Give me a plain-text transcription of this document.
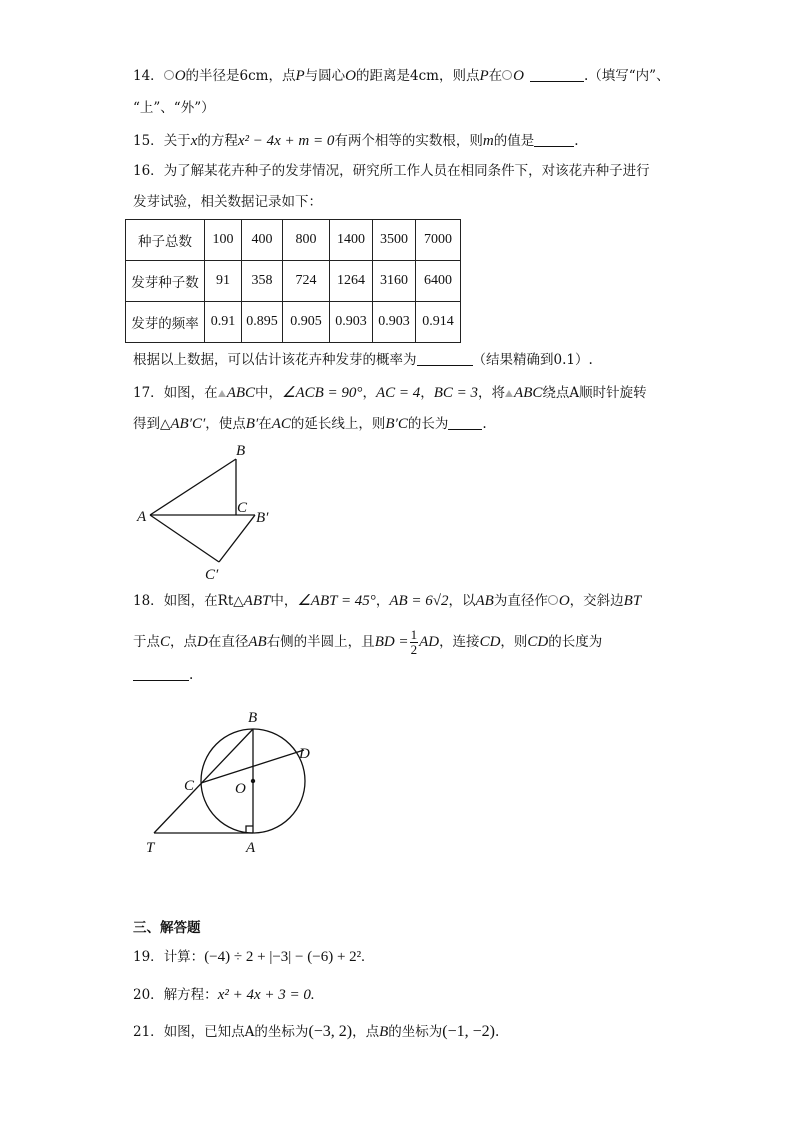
14． O的半径是6cm，点P与圆心O的距离是4cm，则点P在 O	.（填写“内”、
“上”、“外”）
15．关于x的方程x² − 4x + m = 0有两个相等的实数根，则m的值是	.
16．为了解某花卉种子的发芽情况，研究所工作人员在相同条件下，对该花卉种子进行
发芽试验，相关数据记录如下：
种子总数	100	400	800	1400	3500	7000
发芽种子数	91	358	724	1264	3160	6400
发芽的频率	0.91	0.895	0.905	0.903	0.903	0.914
根据以上数据，可以估计该花卉种发芽的概率为	（结果精确到0.1）.
17．如图，在 ABC中，∠ACB = 90°，AC = 4，BC = 3，将 ABC绕点A顺时针旋转
得到△AB′C′，使点B′在AC的延长线上，则B′C的长为	.
A
B
C
B′
C′
18．如图，在Rt△ABT中，∠ABT = 45°，AB = 6√2，以AB为直径作 O，交斜边BT
于点C，点D在直径AB右侧的半圆上，且BD = $\frac{1}{2}$ AD，连接CD，则CD的长度为
.
B
D
C	O
T	A
三、解答题
19．计算：(−4) ÷ 2 + |−3| − (−6) + 2².
20．解方程：x² + 4x + 3 = 0.
21．如图，已知点A的坐标为(−3, 2)，点B的坐标为(−1, −2).
